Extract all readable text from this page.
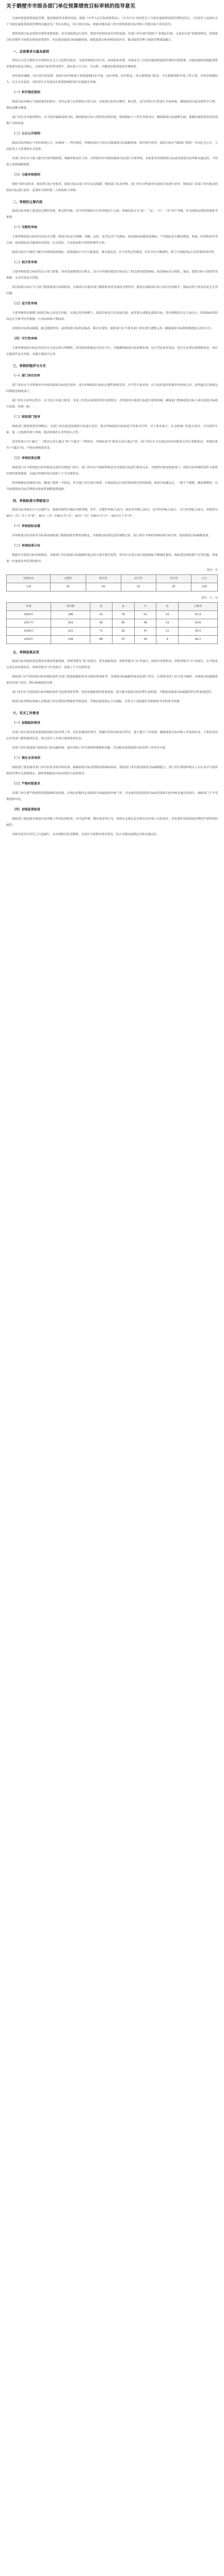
关于鹤壁市市级各部门单位预算绩效目标审核的指导意见

为加快推进预算绩效管理，提高财政资金使用效益，根据《中华人民共和国预算法》、《中共中央 国务院关于全面实施预算绩效管理的意见》、《河南省人民政府关于全面实施预算绩效管理的实施意见》等有关规定，结合我市实际，现就市级各部门单位预算绩效目标审核工作提出如下指导意见。

预算绩效目标是预算安排的重要依据，是开展绩效运行监控、绩效评价和结果应用的基础。各部门单位要牢固树立“花钱必问效、无效必问责”的绩效理念，将绩效目标设置作为预算安排的前置条件，切实提高绩效目标编制质量，强化绩效目标审核结果应用，推动绩效管理与预算管理深度融合。

一、总体要求与基本原则

坚持以习近平新时代中国特色社会主义思想为指导，全面贯彻落实党中央、国务院和省委、省政府关于全面实施预算绩效管理的决策部署，以提高财政资源配置效率和使用效益为核心，以绩效目标管理为抓手，逐步建立全方位、全过程、全覆盖的预算绩效管理体系。

坚持统筹兼顾、突出重点的原则。绩效目标审核要与预算编制同步开展、同步审核、同步批复，重点围绕部门职责、中长期规划和年度工作计划，对资金规模较大、社会关注度高、对经济社会发展具有重要影响的项目实施重点审核。

（一）科学规范原则

绩效目标审核应当按照规范的程序，采用定量与定性相结合的方法，对绩效目标的完整性、相关性、适当性和可行性进行全面审核，确保绩效目标设置科学合理、指标清晰可衡量。

部门单位在申报预算时，应当同步编报绩效目标，做到绩效目标与预算资金相匹配，绩效指标与工作任务相对应，确保绩效目标能够全面、准确反映预算资金的预期产出和效果。

（二）公正公开原则

绩效目标审核应当坚持客观公正、标准统一、程序规范，审核结果应当真实反映绩效目标编制质量。除涉密内容外，绩效目标应当随部门预算一并向社会公开，主动接受人大监督和社会监督。

各部门单位应当建立健全内部审核机制，明确审核责任主体，对所属单位申报的绩效目标进行全面审核，未按要求设置绩效目标或者绩效目标审核未通过的，不得进入预算编制流程。

（三）分级审核原则

按照“谁申请资金，谁设置目标”的要求，绩效目标由部门单位负责编制，财政部门负责审核。部门单位对所属单位绩效目标进行初审，财政部门对部门单位报送的绩效目标进行复审，必要时可组织第三方机构参与审核。

二、审核的主要内容

绩效目标审核主要包括完整性审核、相关性审核、适当性审核和可行性审核四个方面，审核结果分为“优”、“良”、“中”、“差”四个等级，作为预算安排的重要参考依据。

（一）完整性审核

主要审核绩效目标的内容是否完整，绩效目标是否明确、清晰。包括：是否包含产出指标、效益指标和满意度指标；产出指标是否涵盖数量、质量、时效和成本等方面；效益指标是否涵盖经济效益、社会效益、生态效益和可持续影响等方面。

绩效目标应当细化分解为具体的绩效指标，绩效指标应当尽可能量化，难以量化的，应当采用定性描述，但应具有可衡量性，便于开展绩效运行监控和绩效评价。

（二）相关性审核

主要审核绩效目标的设定与部门职能、事业发展规划是否相关，是否对申报的绩效目标设定了相关联的绩效指标，绩效指标是否细化、量化，绩效目标与预算资金规模、支出内容是否匹配。

项目绩效目标应当与部门整体绩效目标相衔接，反映项目实施对部门履职和事业发展的支撑作用，避免出现绩效目标与项目内容脱节、指标设置与资金用途无关等问题。

（三）适当性审核

主要审核资金规模与绩效目标之间是否匹配，在既定资金规模下，绩效目标是否过高或过低；或者要完成既定绩效目标，资金规模是否过大或过小。绩效指标值的设定应当参考历史数据、行业标准和计划标准。

对绩效目标明显偏低、缺乏挑战性的，或者绩效目标明显偏高、难以实现的，财政部门应当要求部门单位进行调整完善，确保绩效目标既积极进取又切实可行。

（四）可行性审核

主要审核绩效目标是否经过充分论证和合理测算；所采取的措施是否切实可行，并能确保绩效目标如期实现；综合考虑成本效益，是否有必要安排财政资金，项目实施条件是否具备，实施方案是否完善。

三、审核的程序与方式
（一）部门单位初审

部门单位应当对所属单位申报的绩效目标进行初审，重点审核绩效目标的完整性和相关性，对不符合要求的，应当及时退回所属单位修改完善，初审通过后按规定时限报送财政部门。

部门单位在初审过程中，应当结合本部门职责、年度工作重点和预算资金安排情况，对所属单位绩效目标进行统筹协调，确保部门整体绩效目标与项目绩效目标相互衔接、协调一致。

（二）财政部门复审

财政部门按照预算管理级次，对部门单位报送的绩效目标进行复审，重点审核绩效目标的适当性和可行性。对于资金量大、社会影响广的重点项目，可以组织专家、第三方机构等参与审核，提高审核的专业性和公正性。

复审结果分为“通过”、“修改完善后通过”和“不通过”三种情况。审核结果为“修改完善后通过”的，部门单位应当在规定时间内修改完善后重新报送；审核结果为“不通过”的，不得安排预算资金。

（三）审核结果反馈

财政部门应当将绩效目标审核意见及时反馈部门单位，部门单位应当根据审核意见对绩效目标进行修改完善，并按程序报送财政部门。绩效目标审核结果作为预算安排的重要依据，未通过审核的项目原则上不予安排资金。

经审核确定的绩效目标，随部门预算一并批复，作为部门单位执行预算、开展绩效运行监控和绩效评价的依据。绩效目标确定后，一般不予调整，确需调整的，应当按照绩效目标管理要求和预算调整流程报批。

四、审核标准与等级划分

绩效目标审核实行百分制评分，根据审核得分确定审核等级。其中，完整性审核占25分，相关性审核占25分，适当性审核占25分，可行性审核占25分。审核得分90分（含）以上为“优”，80分（含）至90分为“良”，60分（含）至80分为“中”，60分以下为“差”。

（一）审核指标设置

各审核要点的具体评分标准由财政部门根据预算管理要求制定，并根据实际情况适时调整完善。部门单位可参照审核标准开展自查，提高绩效目标编制质量。

（二）审核结果分布

根据往年绩效目标审核情况，市级部门单位绩效目标编制质量总体呈逐年提升趋势，但仍存在部分项目绩效指标不够细化量化、指标值设置依据不足等问题，需要进一步加强业务培训和指导。

单位：分
审核内容	完整性	相关性	适当性	可行性	合计
分值	25	25	25	25	100
单位：个、%
年度	项目数	优	良	中	差	合格率
2016年	186	42	78	51	15	91.9
2017年	203	56	85	49	13	93.6
2018年	221	71	92	47	11	95.0
2019年	238	88	97	44	9	96.2
五、审核结果应用

绩效目标审核结果是预算安排的重要依据。审核等级为“优”的项目，优先保障资金；审核等级为“良”的项目，按程序安排资金；审核等级为“中”的项目，应当修改完善后再安排资金；审核等级为“差”的项目，原则上不予安排资金。

财政部门应当将绩效目标审核结果作为部门预算编制和资金分配的重要参考，对绩效目标编制质量高的部门单位，在预算安排上给予适当倾斜；对绩效目标编制质量差的部门单位，相应核减预算安排。

部门单位应当将绩效目标审核结果作为改进预算管理、优化资源配置的重要依据，建立健全绩效目标管理长效机制，不断提高绩效目标编制的科学性和规范性。

绩效目标审核结果纳入市级部门单位预算管理绩效考核范围，考核结果按规定予以通报，并作为干部选拔任用和绩效考评的参考依据。

六、有关工作要求
（一）加强组织领导

各部门单位要高度重视预算绩效目标管理工作，切实加强组织领导，明确分管领导和责任科室，建立健全工作机制，确保绩效目标审核工作落到实处。主要负责同志对本部门预算绩效负责，项目责任人对项目预算绩效负责。

各部门单位要加强与财政部门的沟通协调，及时反映工作中遇到的困难和问题，共同推动预算绩效目标管理工作有序开展。

（二）强化业务培训

财政部门要加强对部门单位的业务指导和培训，编制绩效目标设置指南和指标体系，帮助部门单位提高绩效目标编制能力。部门单位要组织相关人员认真学习预算绩效管理有关政策规定，熟练掌握绩效目标设置的方法和要求。

（三）严格时限要求

各部门单位要严格按照预算编制时间安排，在规定时限内完成绩效目标编报和审核工作。对未按时报送绩效目标或者绩效目标审核未通过的项目，财政部门不予受理预算申请。

（四）加强监督检查

财政部门要加强对绩效目标审核工作的监督检查，对弄虚作假、敷衍塞责等行为，按照有关规定追究相关单位和人员的责任，切实维护预算绩效管理的严肃性和权威性。

本指导意见自印发之日起施行，由市财政局负责解释。各县区可参照本指导意见，结合本地实际制定具体实施办法。
